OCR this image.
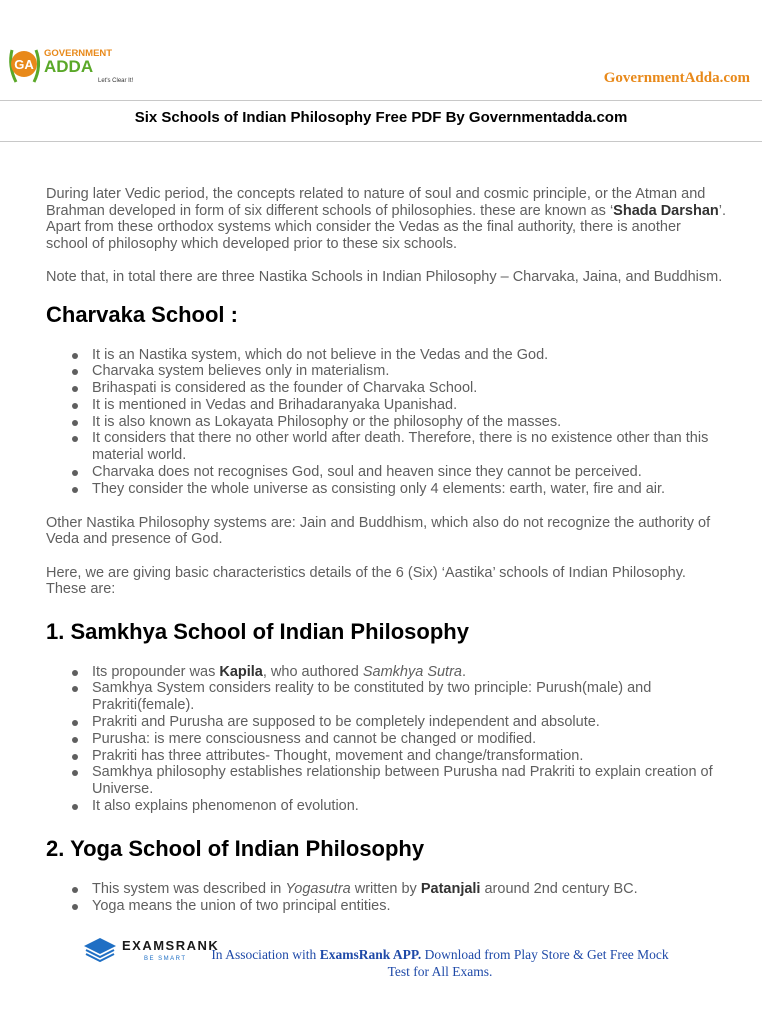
GA
GOVERNMENT
ADDA
Let's Clear It!	GovernmentAdda.com
Six Schools of Indian Philosophy Free PDF By Governmentadda.com

During later Vedic period, the concepts related to nature of soul and cosmic principle, or the Atman and Brahman developed in form of six different schools of philosophies. these are known as ‘Shada Darshan’. Apart from these orthodox systems which consider the Vedas as the final authority, there is another school of philosophy which developed prior to these six schools.

Note that, in total there are three Nastika Schools in Indian Philosophy – Charvaka, Jaina, and Buddhism.

Charvaka School :
It is an Nastika system, which do not believe in the Vedas and the God.
Charvaka system believes only in materialism.
Brihaspati is considered as the founder of Charvaka School.
It is mentioned in Vedas and Brihadaranyaka Upanishad.
It is also known as Lokayata Philosophy or the philosophy of the masses.
It considers that there no other world after death. Therefore, there is no existence other than this material world.
Charvaka does not recognises God, soul and heaven since they cannot be perceived.
They consider the whole universe as consisting only 4 elements: earth, water, fire and air.

Other Nastika Philosophy systems are: Jain and Buddhism, which also do not recognize the authority of Veda and presence of God.

Here, we are giving basic characteristics details of the 6 (Six) ‘Aastika’ schools of Indian Philosophy. These are:

1. Samkhya School of Indian Philosophy
Its propounder was Kapila, who authored Samkhya Sutra.
Samkhya System considers reality to be constituted by two principle: Purush(male) and Prakriti(female).
Prakriti and Purusha are supposed to be completely independent and absolute.
Purusha: is mere consciousness and cannot be changed or modified.
Prakriti has three attributes- Thought, movement and change/transformation.
Samkhya philosophy establishes relationship between Purusha nad Prakriti to explain creation of Universe.
It also explains phenomenon of evolution.
2. Yoga School of Indian Philosophy
This system was described in Yogasutra written by Patanjali around 2nd century BC.
Yoga means the union of two principal entities.
EXAMSRANK
BE SMART In Association with ExamsRank APP. Download from Play Store & Get Free Mock Test for All Exams.
